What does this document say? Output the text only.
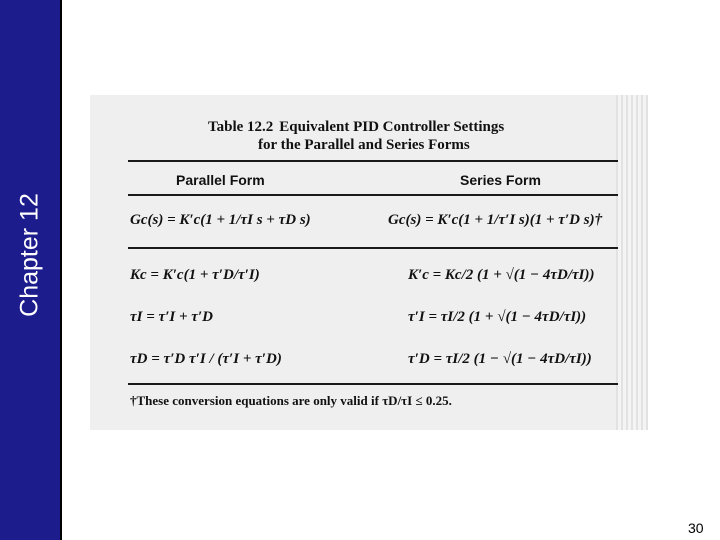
Chapter 12
Table 12.2 Equivalent PID Controller Settings
for the Parallel and Series Forms
Parallel Form	Series Form
Gc(s) = K′c(1 + 1/τI s + τD s)	Gc(s) = K′c(1 + 1/τ′I s)(1 + τ′D s)†
Kc = K′c(1 + τ′D/τ′I)	K′c = Kc/2 (1 + √(1 − 4τD/τI))
τI = τ′I + τ′D	τ′I = τI/2 (1 + √(1 − 4τD/τI))
τD = τ′D τ′I / (τ′I + τ′D)	τ′D = τI/2 (1 − √(1 − 4τD/τI))
†These conversion equations are only valid if τD/τI ≤ 0.25.
30
